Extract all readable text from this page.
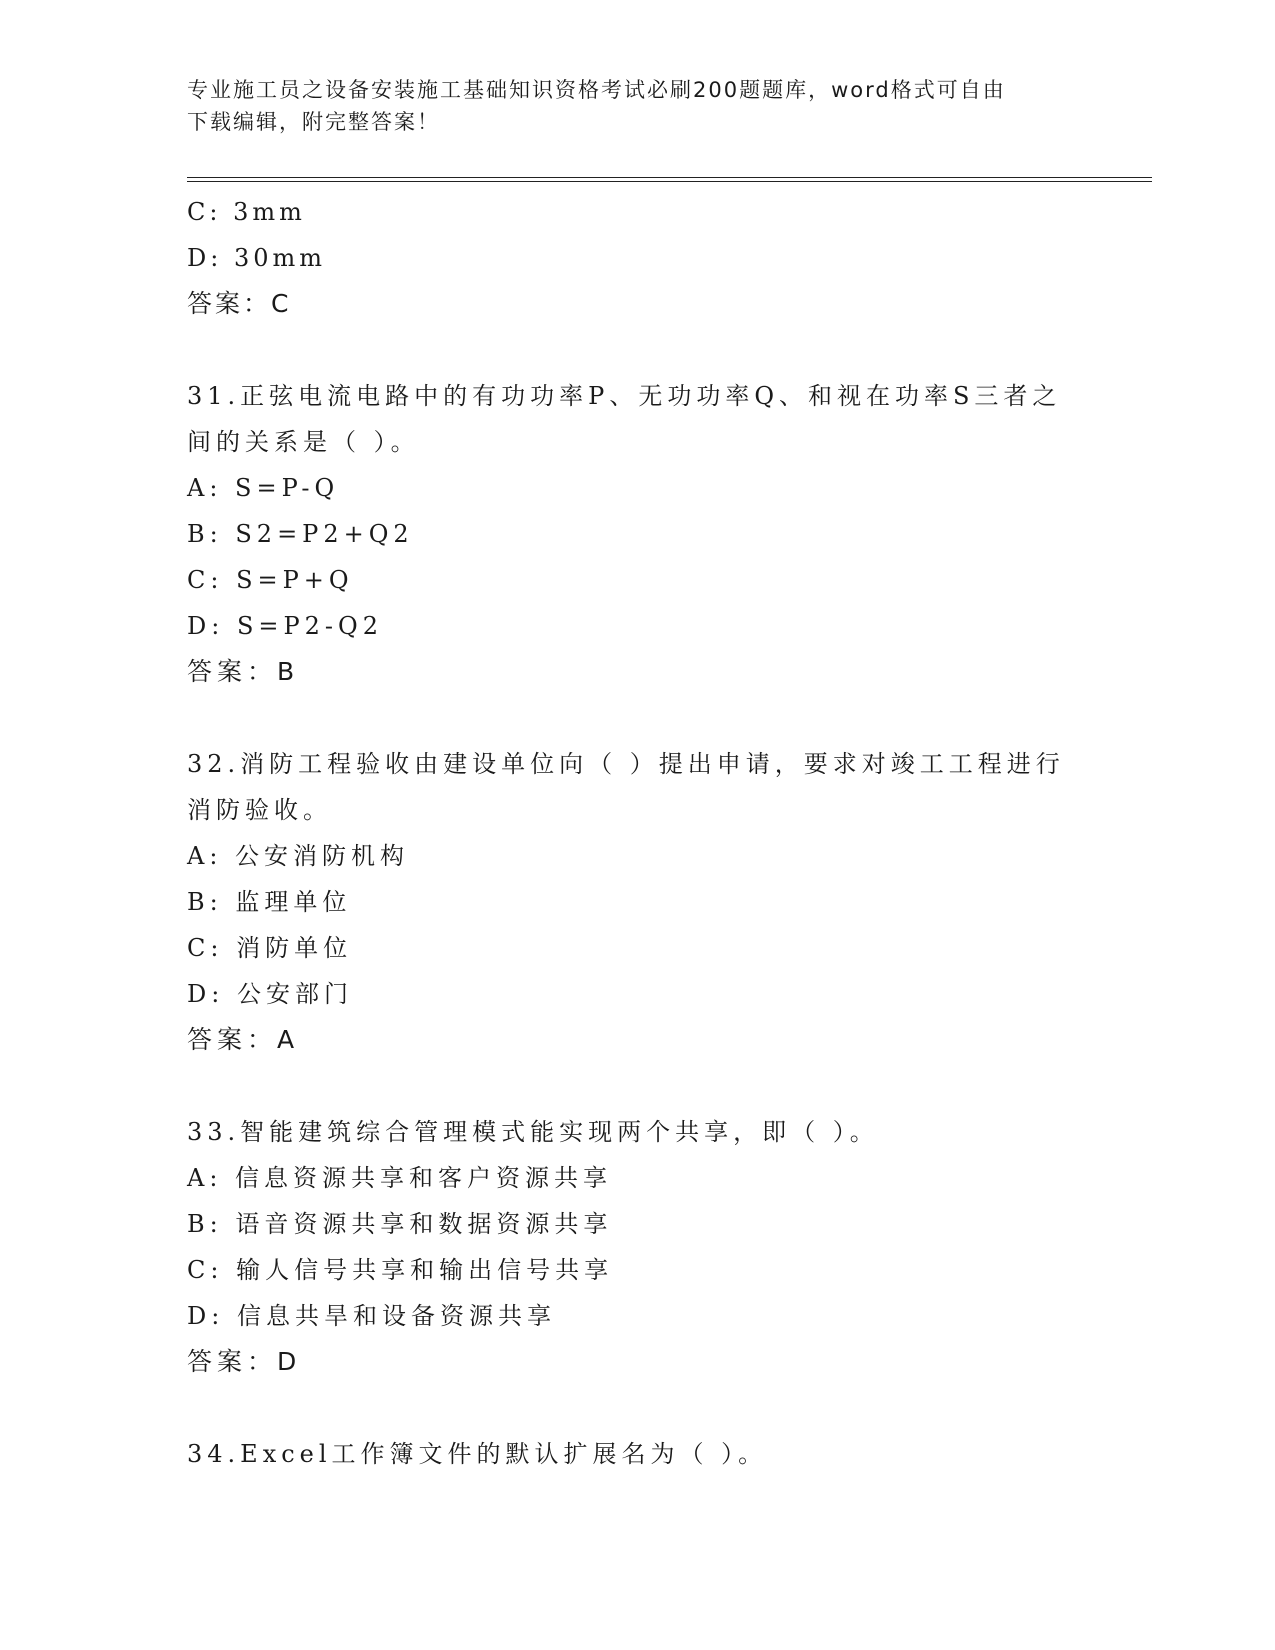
专业施工员之设备安装施工基础知识资格考试必刷200题题库，word格式可自由
下载编辑，附完整答案！
C: 3mm
D: 30mm
答案：C
31.正弦电流电路中的有功功率P、无功功率Q、和视在功率S三者之
间的关系是（ ）。
A: S=P-Q
B: S2=P2+Q2
C: S=P+Q
D: S=P2-Q2
答案：B
32.消防工程验收由建设单位向（ ）提出申请，要求对竣工工程进行
消防验收。
A: 公安消防机构
B: 监理单位
C: 消防单位
D: 公安部门
答案：A
33.智能建筑综合管理模式能实现两个共享，即（ ）。
A: 信息资源共享和客户资源共享
B: 语音资源共享和数据资源共享
C: 输人信号共享和输出信号共享
D: 信息共旱和设备资源共享
答案：D
34.Excel工作簿文件的默认扩展名为（ ）。
